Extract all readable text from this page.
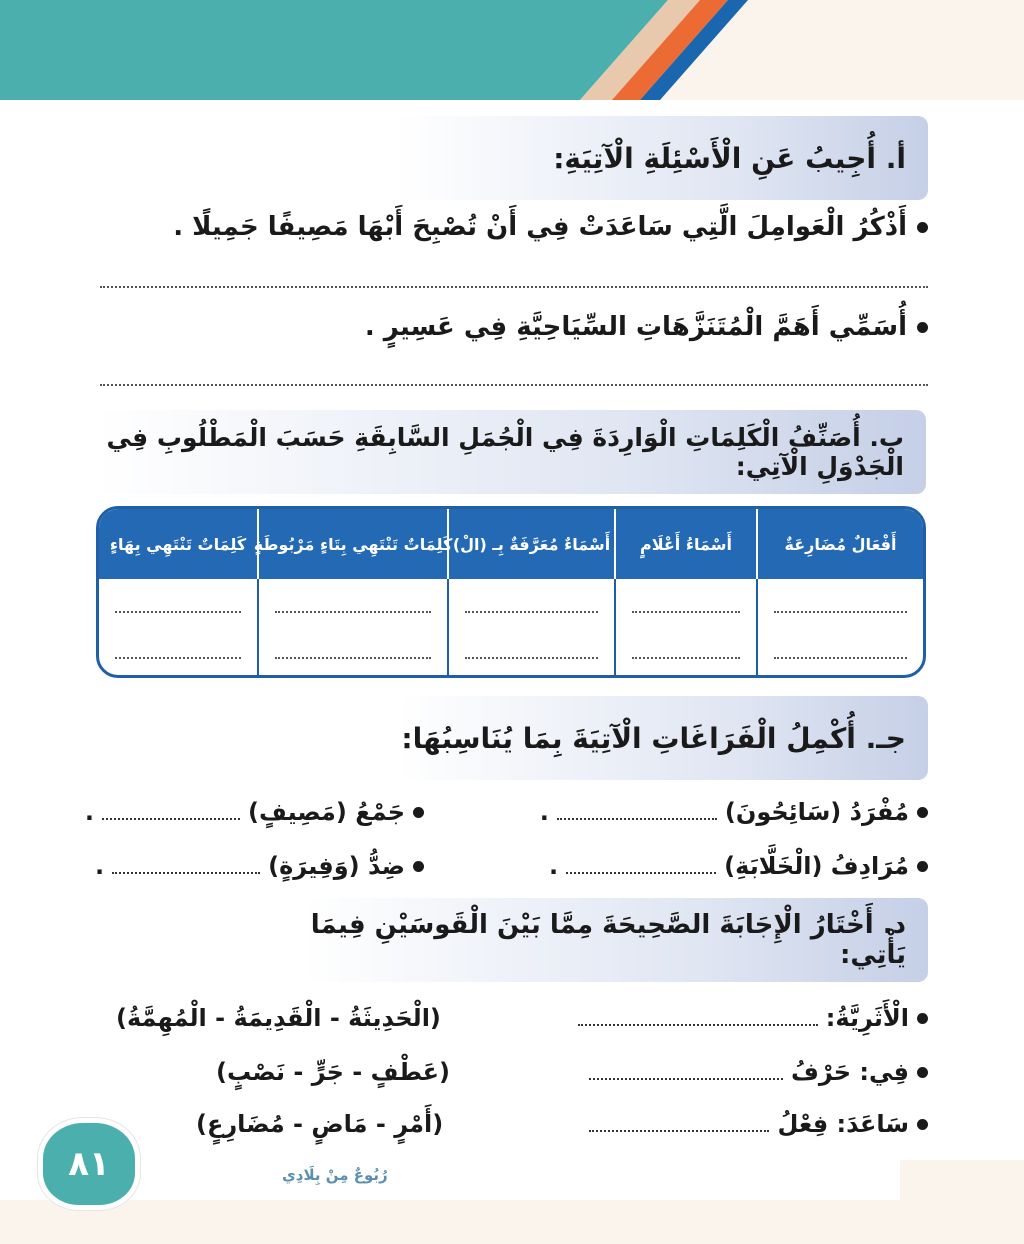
أ. أُجِيبُ عَنِ الْأَسْئِلَةِ الْآتِيَةِ:
أَذْكُرُ الْعَوامِلَ الَّتِي سَاعَدَتْ فِي أَنْ تُصْبِحَ أَبْهَا مَصِيفًا جَمِيلًا .
أُسَمِّي أَهَمَّ الْمُتَنَزَّهَاتِ السِّيَاحِيَّةِ فِي عَسِيرٍ .
ب. أُصَنِّفُ الْكَلِمَاتِ الْوَارِدَةَ فِي الْجُمَلِ السَّابِقَةِ حَسَبَ الْمَطْلُوبِ فِي الْجَدْوَلِ الْآتِي:
أَفْعَالٌ مُضَارِعَةٌ
أَسْمَاءُ أَعْلَامٍ
أَسْمَاءٌ مُعَرَّفَةٌ بِـ (الْ)
كَلِمَاتٌ تَنْتَهِي بِتَاءٍ مَرْبُوطَةٍ
كَلِمَاتٌ تَنْتَهِي بِهَاءٍ
جـ. أُكْمِلُ الْفَرَاغَاتِ الْآتِيَةَ بِمَا يُنَاسِبُهَا:
مُفْرَدُ (سَائِحُونَ)
.
جَمْعُ (مَصِيفٍ)
.
مُرَادِفُ (الْخَلَّابَةِ)
.
ضِدُّ (وَفِيرَةٍ)
.
د. أَخْتَارُ الْإِجَابَةَ الصَّحِيحَةَ مِمَّا بَيْنَ الْقَوسَيْنِ فِيمَا يَأْتِي:
الْأَثَرِيَّةُ:
(الْحَدِيثَةُ - الْقَدِيمَةُ - الْمُهِمَّةُ)
فِي: حَرْفُ
(عَطْفٍ - جَرٍّ - نَصْبٍ)
سَاعَدَ: فِعْلُ
(أَمْرٍ - مَاضٍ - مُضَارِعٍ)
٨١	رُبُوعٌ مِنْ بِلَادِي
